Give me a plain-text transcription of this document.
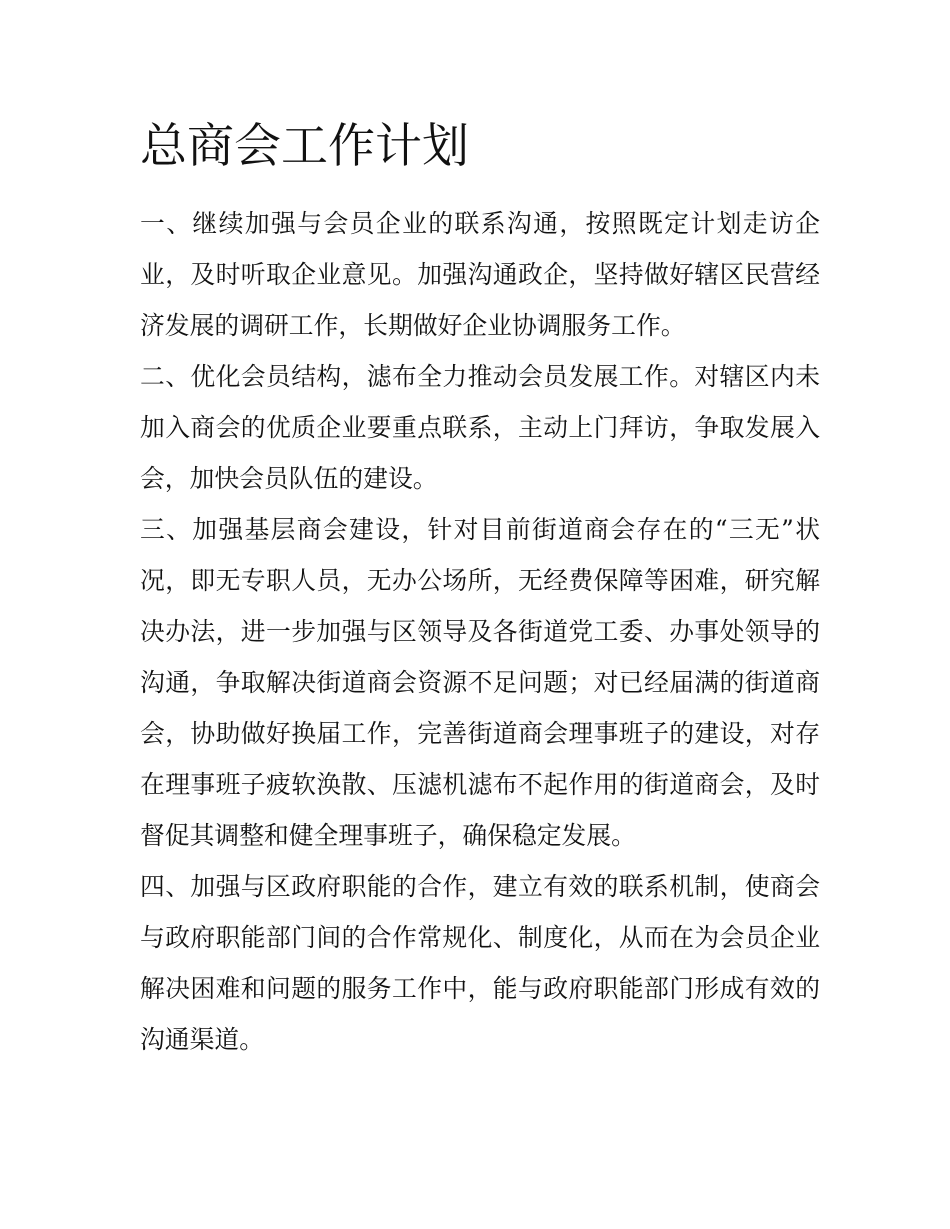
总商会工作计划
一、继续加强与会员企业的联系沟通，按照既定计划走访企
业，及时听取企业意见。加强沟通政企，坚持做好辖区民营经
济发展的调研工作，长期做好企业协调服务工作。
二、优化会员结构，滤布全力推动会员发展工作。对辖区内未
加入商会的优质企业要重点联系，主动上门拜访，争取发展入
会，加快会员队伍的建设。
三、加强基层商会建设，针对目前街道商会存在的“三无”状
况，即无专职人员，无办公场所，无经费保障等困难，研究解
决办法，进一步加强与区领导及各街道党工委、办事处领导的
沟通，争取解决街道商会资源不足问题；对已经届满的街道商
会，协助做好换届工作，完善街道商会理事班子的建设，对存
在理事班子疲软涣散、压滤机滤布不起作用的街道商会，及时
督促其调整和健全理事班子，确保稳定发展。
四、加强与区政府职能的合作，建立有效的联系机制，使商会
与政府职能部门间的合作常规化、制度化，从而在为会员企业
解决困难和问题的服务工作中，能与政府职能部门形成有效的
沟通渠道。
